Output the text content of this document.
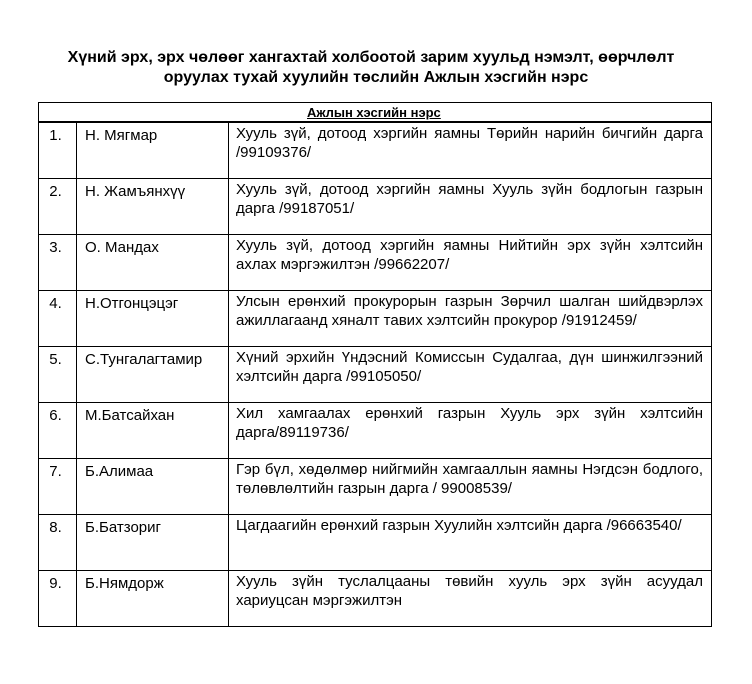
Хүний эрх, эрх чөлөөг хангахтай холбоотой зарим хуульд нэмэлт, өөрчлөлт
оруулах тухай хуулийн төслийн Ажлын хэсгийн нэрс
Ажлын хэсгийн нэрс
1.	Н. Мягмар	Хууль зүй, дотоод хэргийн яамны Төрийн нарийн бичгийн дарга /99109376/
2.	Н. Жамъянхүү	Хууль зүй, дотоод хэргийн яамны Хууль зүйн бодлогын газрын дарга /99187051/
3.	О. Мандах	Хууль зүй, дотоод хэргийн яамны Нийтийн эрх зүйн хэлтсийн ахлах мэргэжилтэн /99662207/
4.	Н.Отгонцэцэг	Улсын ерөнхий прокурорын газрын Зөрчил шалган шийдвэрлэх ажиллагаанд хяналт тавих хэлтсийн прокурор /91912459/
5.	С.Тунгалагтамир	Хүний эрхийн Үндэсний Комиссын Судалгаа, дүн шинжилгээний хэлтсийн дарга /99105050/
6.	М.Батсайхан	Хил хамгаалах ерөнхий газрын Хууль эрх зүйн хэлтсийн дарга/89119736/
7.	Б.Алимаа	Гэр бүл, хөдөлмөр нийгмийн хамгааллын яамны Нэгдсэн бодлого, төлөвлөлтийн газрын дарга / 99008539/
8.	Б.Батзориг	Цагдаагийн ерөнхий газрын Хуулийн хэлтсийн дарга /96663540/
9.	Б.Нямдорж	Хууль зүйн туслалцааны төвийн хууль эрх зүйн асуудал хариуцсан мэргэжилтэн
